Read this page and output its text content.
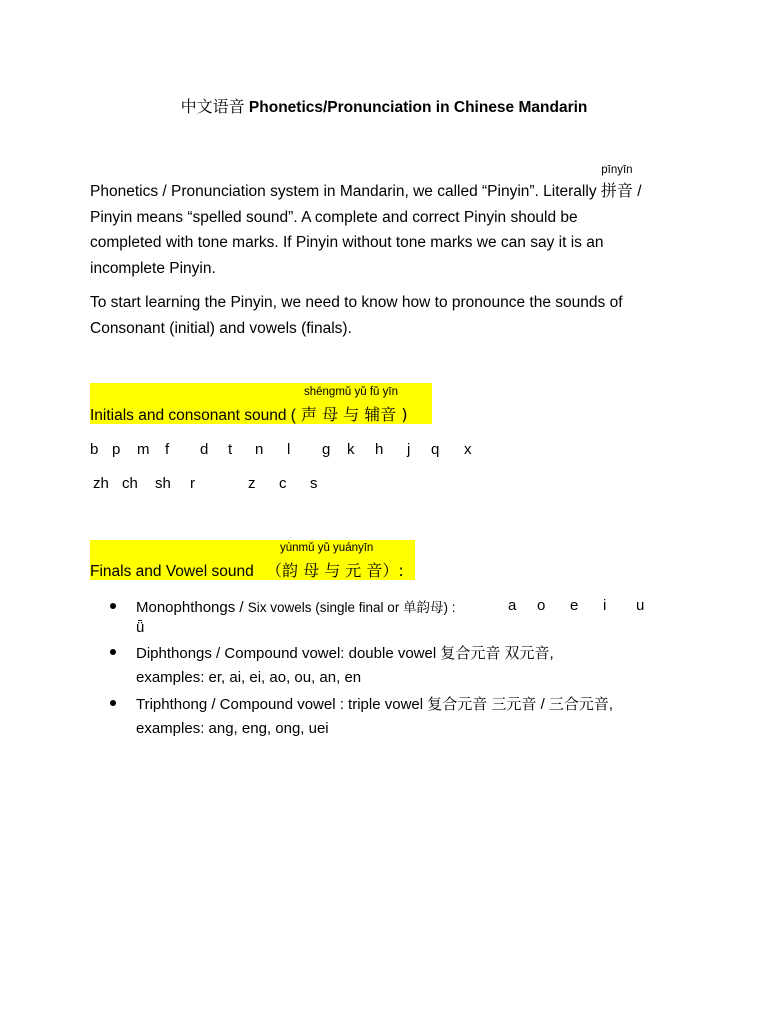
中文语音 Phonetics/Pronunciation in Chinese Mandarin
Phonetics / Pronunciation system in Mandarin, we called “Pinyin”. Literally
pīnyīn
拼音 /
Pinyin means “spelled sound”. A complete and correct Pinyin should be
completed with tone marks. If Pinyin without tone marks we can say it is an
incomplete Pinyin.
To start learning the Pinyin, we need to know how to pronounce the sounds of
Consonant (initial) and vowels (finals).
shēngmǔ yǔ fǔ yīn
Initials and consonant sound ( 声 母 与 辅音 )
b p m f d t n l g k h j q x
zh ch sh r	z c s
yùnmǔ yǔ yuányīn
Finals and Vowel sound （韵 母 与 元 音）:
Monophthongs / Six vowels (single final or 单韵母) :	a o e i u
ǖ
Diphthongs / Compound vowel: double vowel 复合元音 双元音,
examples: er, ai, ei, ao, ou, an, en
Triphthong / Compound vowel : triple vowel 复合元音 三元音 / 三合元音,
examples: ang, eng, ong, uei
